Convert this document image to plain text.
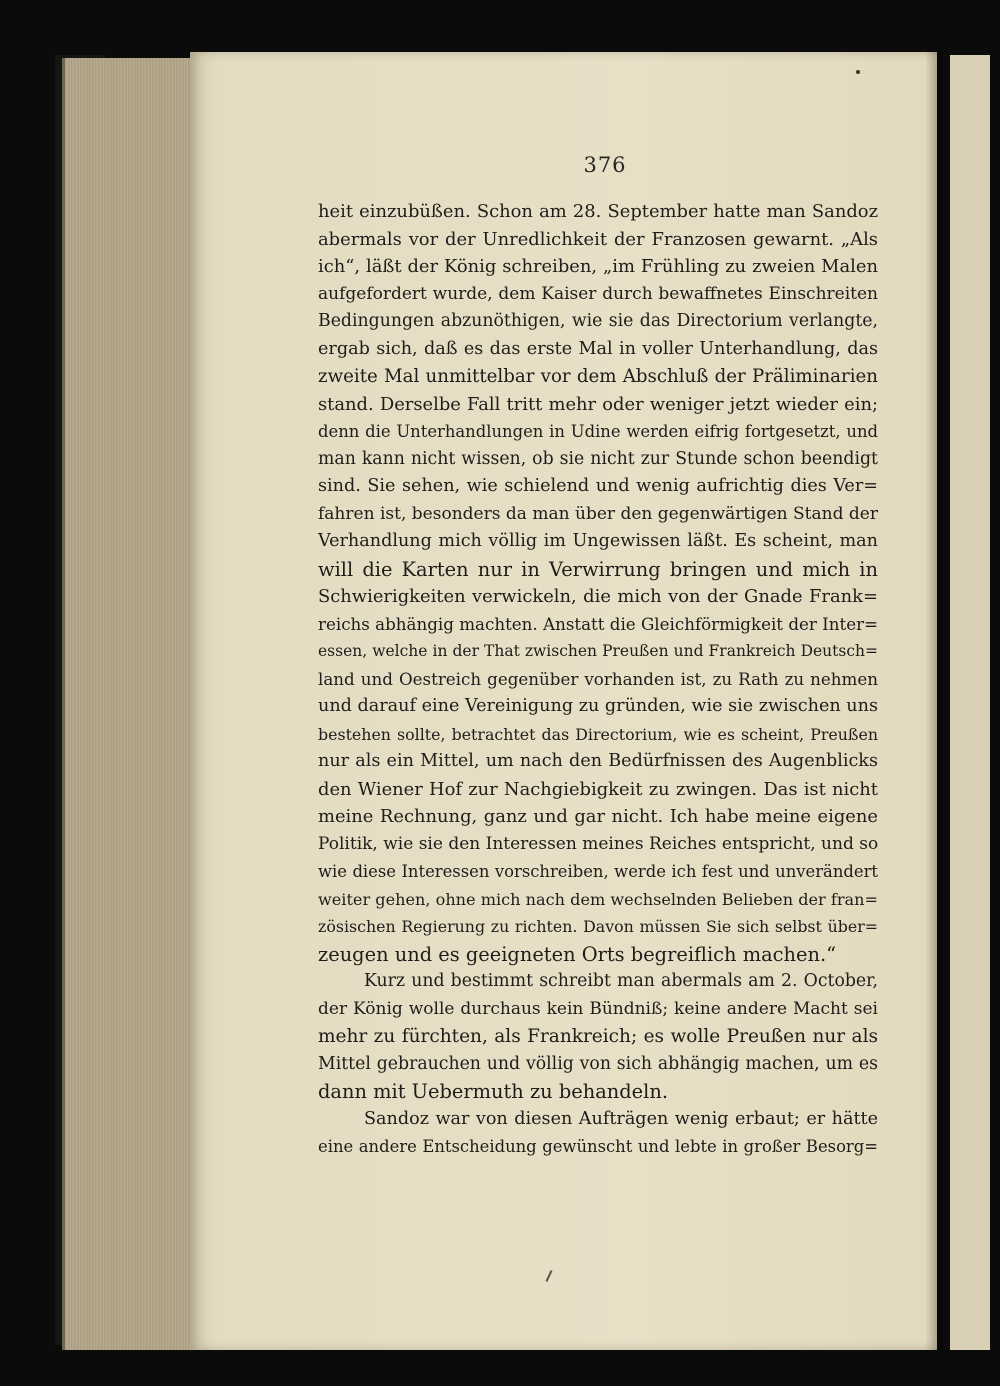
376
heit einzubüßen. Schon am 28. September hatte man Sandoz
abermals vor der Unredlichkeit der Franzosen gewarnt. „Als
ich“, läßt der König schreiben, „im Frühling zu zweien Malen
aufgefordert wurde, dem Kaiser durch bewaffnetes Einschreiten
Bedingungen abzunöthigen, wie sie das Directorium verlangte,
ergab sich, daß es das erste Mal in voller Unterhandlung, das
zweite Mal unmittelbar vor dem Abschluß der Präliminarien
stand. Derselbe Fall tritt mehr oder weniger jetzt wieder ein;
denn die Unterhandlungen in Udine werden eifrig fortgesetzt, und
man kann nicht wissen, ob sie nicht zur Stunde schon beendigt
sind. Sie sehen, wie schielend und wenig aufrichtig dies Ver=
fahren ist, besonders da man über den gegenwärtigen Stand der
Verhandlung mich völlig im Ungewissen läßt. Es scheint, man
will die Karten nur in Verwirrung bringen und mich in
Schwierigkeiten verwickeln, die mich von der Gnade Frank=
reichs abhängig machten. Anstatt die Gleichförmigkeit der Inter=
essen, welche in der That zwischen Preußen und Frankreich Deutsch=
land und Oestreich gegenüber vorhanden ist, zu Rath zu nehmen
und darauf eine Vereinigung zu gründen, wie sie zwischen uns
bestehen sollte, betrachtet das Directorium, wie es scheint, Preußen
nur als ein Mittel, um nach den Bedürfnissen des Augenblicks
den Wiener Hof zur Nachgiebigkeit zu zwingen. Das ist nicht
meine Rechnung, ganz und gar nicht. Ich habe meine eigene
Politik, wie sie den Interessen meines Reiches entspricht, und so
wie diese Interessen vorschreiben, werde ich fest und unverändert
weiter gehen, ohne mich nach dem wechselnden Belieben der fran=
zösischen Regierung zu richten. Davon müssen Sie sich selbst über=
zeugen und es geeigneten Orts begreiflich machen.“
Kurz und bestimmt schreibt man abermals am 2. October,
der König wolle durchaus kein Bündniß; keine andere Macht sei
mehr zu fürchten, als Frankreich; es wolle Preußen nur als
Mittel gebrauchen und völlig von sich abhängig machen, um es
dann mit Uebermuth zu behandeln.
Sandoz war von diesen Aufträgen wenig erbaut; er hätte
eine andere Entscheidung gewünscht und lebte in großer Besorg=
